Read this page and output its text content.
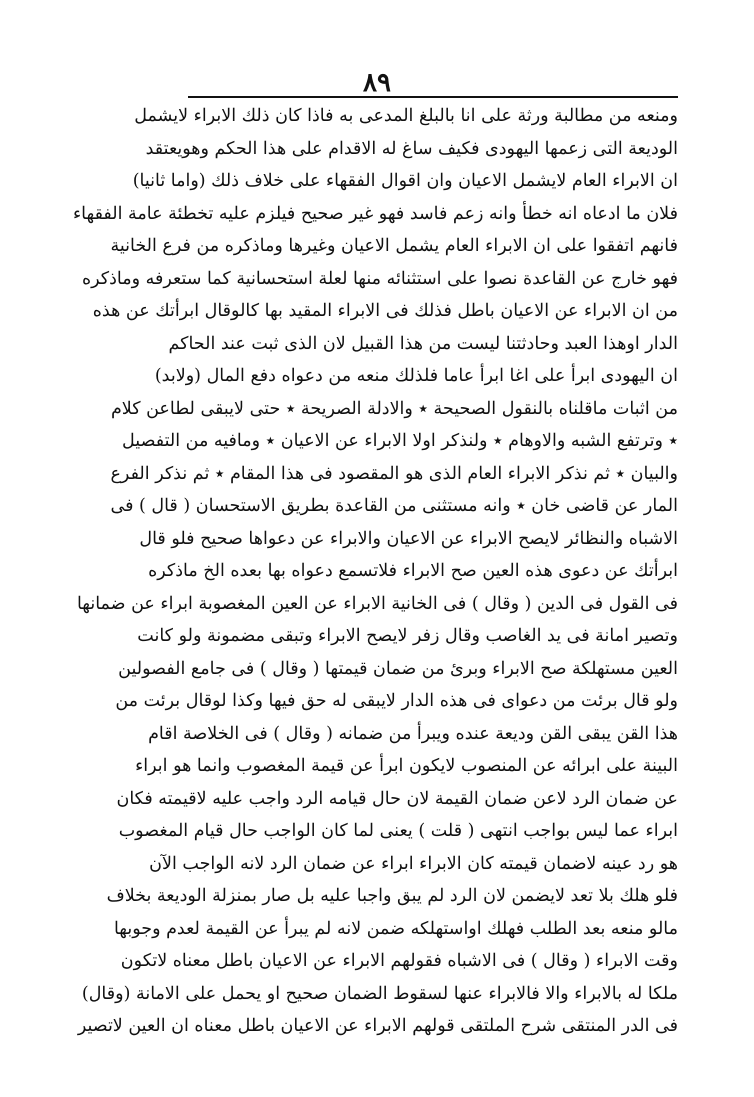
٨٩
ومنعه من مطالبة ورثة على انا بالبلغ المدعى به فاذا كان ذلك الابراء لايشمل
الوديعة التى زعمها اليهودى فكيف ساغ له الاقدام على هذا الحكم وهويعتقد
ان الابراء العام لايشمل الاعيان وان اقوال الفقهاء على خلاف ذلك (واما ثانيا)
فلان ما ادعاه انه خطأ وانه زعم فاسد فهو غير صحيح فيلزم عليه تخطئة عامة الفقهاء
فانهم اتفقوا على ان الابراء العام يشمل الاعيان وغيرها وماذكره من فرع الخانية
فهو خارج عن القاعدة نصوا على استثنائه منها لعلة استحسانية كما ستعرفه وماذكره
من ان الابراء عن الاعيان باطل فذلك فى الابراء المقيد بها كالوقال ابرأتك عن هذه
الدار اوهذا العبد وحادثتنا ليست من هذا القبيل لان الذى ثبت عند الحاكم
ان اليهودى ابرأ على اغا ابرأ عاما فلذلك منعه من دعواه دفع المال (ولابد)
من اثبات ماقلناه بالنقول الصحيحة ٭ والادلة الصريحة ٭ حتى لايبقى لطاعن كلام
٭ وترتفع الشبه والاوهام ٭ ولنذكر اولا الابراء عن الاعيان ٭ ومافيه من التفصيل
والبيان ٭ ثم نذكر الابراء العام الذى هو المقصود فى هذا المقام ٭ ثم نذكر الفرع
المار عن قاضى خان ٭ وانه مستثنى من القاعدة بطريق الاستحسان ( قال ) فى
الاشباه والنظائر لايصح الابراء عن الاعيان والابراء عن دعواها صحيح فلو قال
ابرأتك عن دعوى هذه العين صح الابراء فلاتسمع دعواه بها بعده الخ ماذكره
فى القول فى الدين ( وقال ) فى الخانية الابراء عن العين المغصوبة ابراء عن ضمانها
وتصير امانة فى يد الغاصب وقال زفر لايصح الابراء وتبقى مضمونة ولو كانت
العين مستهلكة صح الابراء وبرئ من ضمان قيمتها ( وقال ) فى جامع الفصولين
ولو قال برئت من دعواى فى هذه الدار لايبقى له حق فيها وكذا لوقال برئت من
هذا القن يبقى القن وديعة عنده ويبرأ من ضمانه ( وقال ) فى الخلاصة اقام
البينة على ابرائه عن المنصوب لايكون ابرأ عن قيمة المغصوب وانما هو ابراء
عن ضمان الرد لاعن ضمان القيمة لان حال قيامه الرد واجب عليه لاقيمته فكان
ابراء عما ليس بواجب انتهى ( قلت ) يعنى لما كان الواجب حال قيام المغصوب
هو رد عينه لاضمان قيمته كان الابراء ابراء عن ضمان الرد لانه الواجب الآن
فلو هلك بلا تعد لايضمن لان الرد لم يبق واجبا عليه بل صار بمنزلة الوديعة بخلاف
مالو منعه بعد الطلب فهلك اواستهلكه ضمن لانه لم يبرأ عن القيمة لعدم وجوبها
وقت الابراء ( وقال ) فى الاشباه فقولهم الابراء عن الاعيان باطل معناه لاتكون
ملكا له بالابراء والا فالابراء عنها لسقوط الضمان صحيح او يحمل على الامانة (وقال)
فى الدر المنتقى شرح الملتقى قولهم الابراء عن الاعيان باطل معناه ان العين لاتصير
